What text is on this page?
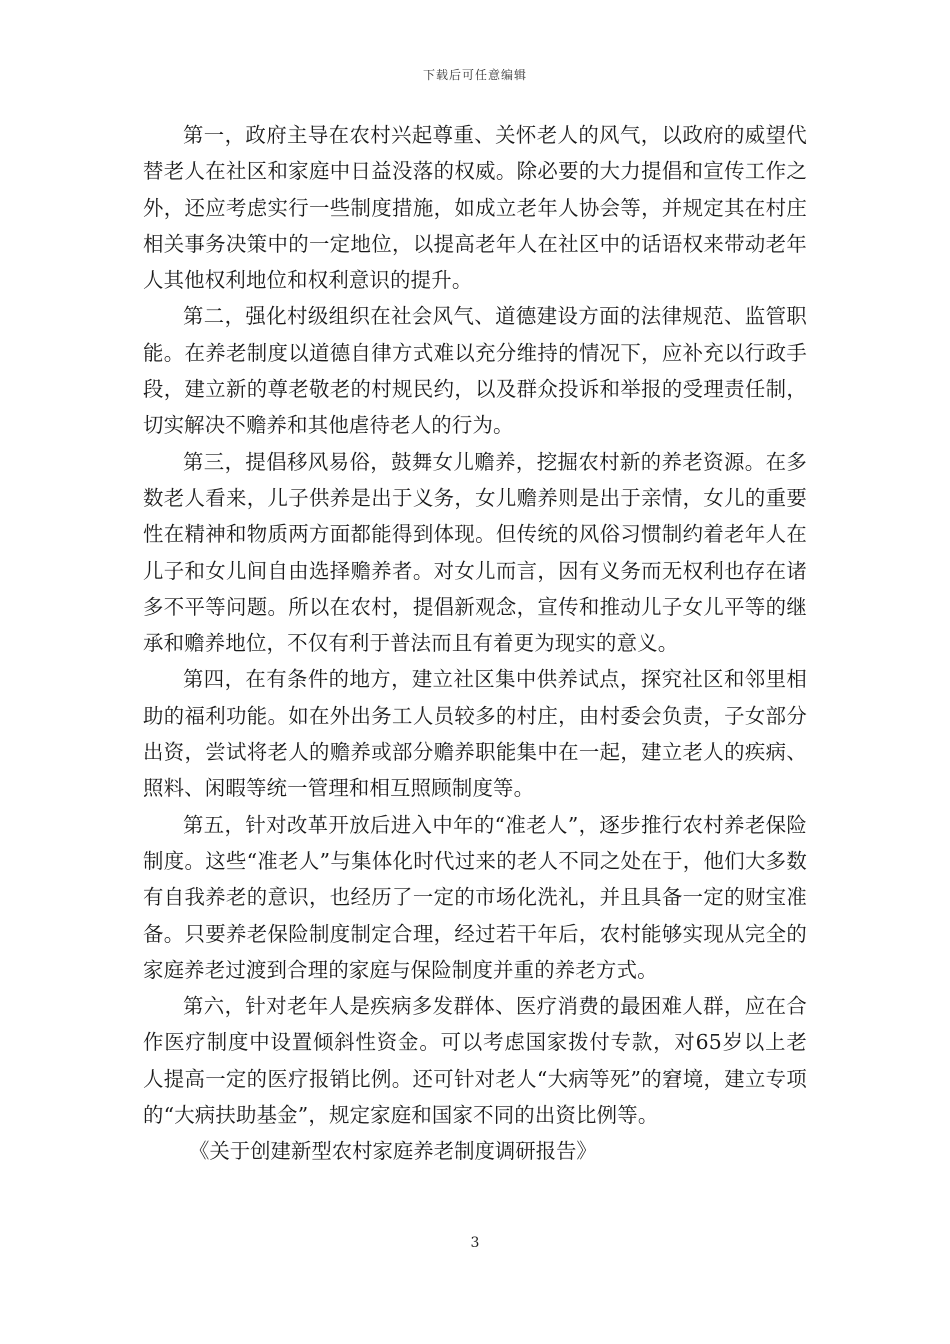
下载后可任意编辑

第一，政府主导在农村兴起尊重、关怀老人的风气，以政府的威望代替老人在社区和家庭中日益没落的权威。除必要的大力提倡和宣传工作之外，还应考虑实行一些制度措施，如成立老年人协会等，并规定其在村庄相关事务决策中的一定地位，以提高老年人在社区中的话语权来带动老年人其他权利地位和权利意识的提升。

第二，强化村级组织在社会风气、道德建设方面的法律规范、监管职能。在养老制度以道德自律方式难以充分维持的情况下，应补充以行政手段，建立新的尊老敬老的村规民约，以及群众投诉和举报的受理责任制，切实解决不赡养和其他虐待老人的行为。

第三，提倡移风易俗，鼓舞女儿赡养，挖掘农村新的养老资源。在多数老人看来，儿子供养是出于义务，女儿赡养则是出于亲情，女儿的重要性在精神和物质两方面都能得到体现。但传统的风俗习惯制约着老年人在儿子和女儿间自由选择赡养者。对女儿而言，因有义务而无权利也存在诸多不平等问题。所以在农村，提倡新观念，宣传和推动儿子女儿平等的继承和赡养地位，不仅有利于普法而且有着更为现实的意义。

第四，在有条件的地方，建立社区集中供养试点，探究社区和邻里相助的福利功能。如在外出务工人员较多的村庄，由村委会负责，子女部分出资，尝试将老人的赡养或部分赡养职能集中在一起，建立老人的疾病、照料、闲暇等统一管理和相互照顾制度等。

第五，针对改革开放后进入中年的“准老人”，逐步推行农村养老保险制度。这些“准老人”与集体化时代过来的老人不同之处在于，他们大多数有自我养老的意识，也经历了一定的市场化洗礼，并且具备一定的财宝准备。只要养老保险制度制定合理，经过若干年后，农村能够实现从完全的家庭养老过渡到合理的家庭与保险制度并重的养老方式。

第六，针对老年人是疾病多发群体、医疗消费的最困难人群，应在合作医疗制度中设置倾斜性资金。可以考虑国家拨付专款，对65岁以上老人提高一定的医疗报销比例。还可针对老人“大病等死”的窘境，建立专项的“大病扶助基金”，规定家庭和国家不同的出资比例等。

《关于创建新型农村家庭养老制度调研报告》

3
